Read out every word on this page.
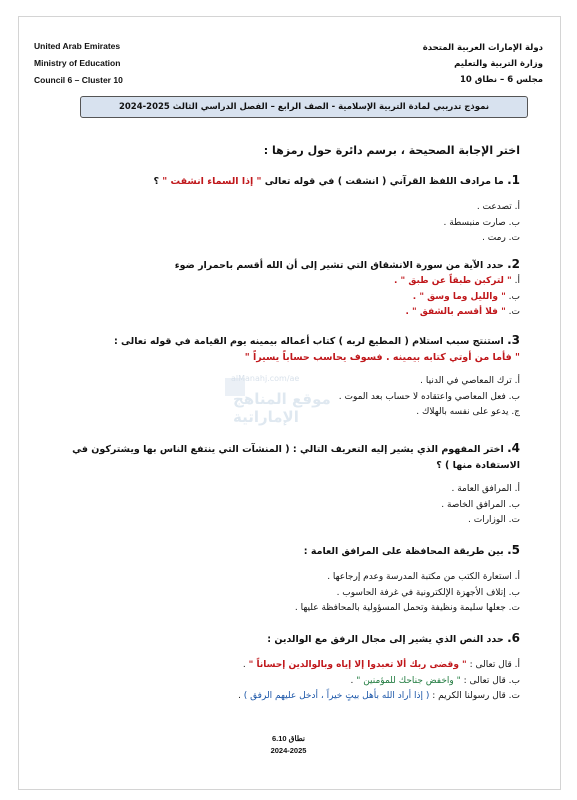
United Arab Emirates
Ministry of Education
Council 6 – Cluster 10
دولة الإمارات العربية المتحدة
وزارة التربية والتعليم
مجلس 6 – نطاق 10
نموذج تدريبي لمادة التربية الإسلامية - الصف الرابع – الفصل الدراسي الثالث 2025-2024
اختر الإجابة الصحيحة ، برسم دائرة حول رمزها :
alManahj.com/ae
موقع المناهج الإماراتية
1. ما مرادف اللفظ القرآني ( انشقت ) في قوله تعالى " إذا السماء انشقت " ؟
أ. تصدعت .
ب. صارت منبسطة .
ت. رمت .
2. حدد الآية من سورة الانشقاق التي تشير إلى أن الله أقسم باحمرار ضوء
أ. " لتركبن طبقاً عن طبق " .
ب. " والليل وما وسق " .
ت. " فلا أقسم بالشفق " .
3. استنتج سبب استلام ( المطيع لربه ) كتاب أعماله بيمينه يوم القيامة في قوله تعالى :
" فأما من أوتي كتابه بيمينه . فسوف يحاسب حساباً يسيراً "
أ. ترك المعاصي في الدنيا .
ب. فعل المعاصي واعتقاده لا حساب بعد الموت .
ج. يدعو على نفسه بالهلاك .
4. اختر المفهوم الذي يشير إليه التعريف التالي : ( المنشآت التي ينتفع الناس بها ويشتركون في الاستفادة منها ) ؟
أ. المرافق العامة .
ب. المرافق الخاصة .
ت. الوزارات .
5. بين طريقة المحافظة على المرافق العامة :
أ. استعارة الكتب من مكتبة المدرسة وعدم إرجاعها .
ب. إتلاف الأجهزة الإلكترونية في غرفة الحاسوب .
ت. جعلها سليمة ونظيفة وتحمل المسؤولية بالمحافظة عليها .
6. حدد النص الذي يشير إلى مجال الرفق مع الوالدين :
أ. قال تعالى : " وقضى ربك ألا تعبدوا إلا إياه وبالوالدين إحساناً " .
ب. قال تعالى : " واخفض جناحك للمؤمنين " .
ت. قال رسولنا الكريم : ( إذا أراد الله بأهل بيتٍ خيراً ، أدخل عليهم الرفق ) .
نطاق 6.10
2024-2025
